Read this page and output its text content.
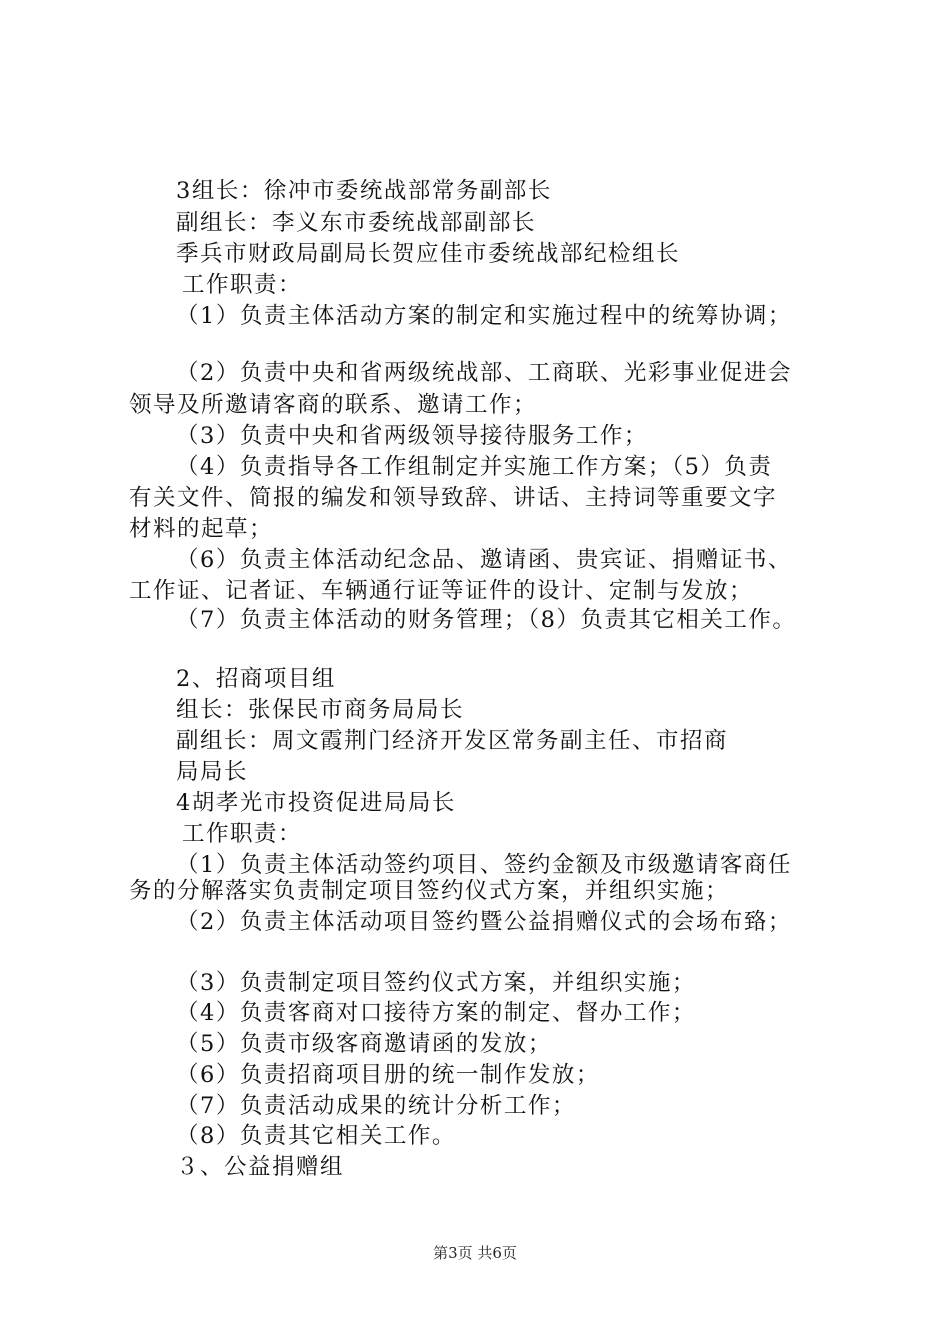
3组长：徐冲市委统战部常务副部长
副组长：李义东市委统战部副部长
季兵市财政局副局长贺应佳市委统战部纪检组长
工作职责：
（1）负责主体活动方案的制定和实施过程中的统筹协调；
（2）负责中央和省两级统战部、工商联、光彩事业促进会
领导及所邀请客商的联系、邀请工作；
（3）负责中央和省两级领导接待服务工作；
（4）负责指导各工作组制定并实施工作方案；（5）负责
有关文件、简报的编发和领导致辞、讲话、主持词等重要文字
材料的起草；
（6）负责主体活动纪念品、邀请函、贵宾证、捐赠证书、
工作证、记者证、车辆通行证等证件的设计、定制与发放；
（7）负责主体活动的财务管理；（8）负责其它相关工作。
2、招商项目组
组长：张保民市商务局局长
副组长：周文霞荆门经济开发区常务副主任、市招商
局局长
4胡孝光市投资促进局局长
工作职责：
（1）负责主体活动签约项目、签约金额及市级邀请客商任
务的分解落实负责制定项目签约仪式方案，并组织实施；
（2）负责主体活动项目签约暨公益捐赠仪式的会场布臵；
（3）负责制定项目签约仪式方案，并组织实施；
（4）负责客商对口接待方案的制定、督办工作；
（5）负责市级客商邀请函的发放；
（6）负责招商项目册的统一制作发放；
（7）负责活动成果的统计分析工作；
（8）负责其它相关工作。
３、公益捐赠组
第3页 共6页
